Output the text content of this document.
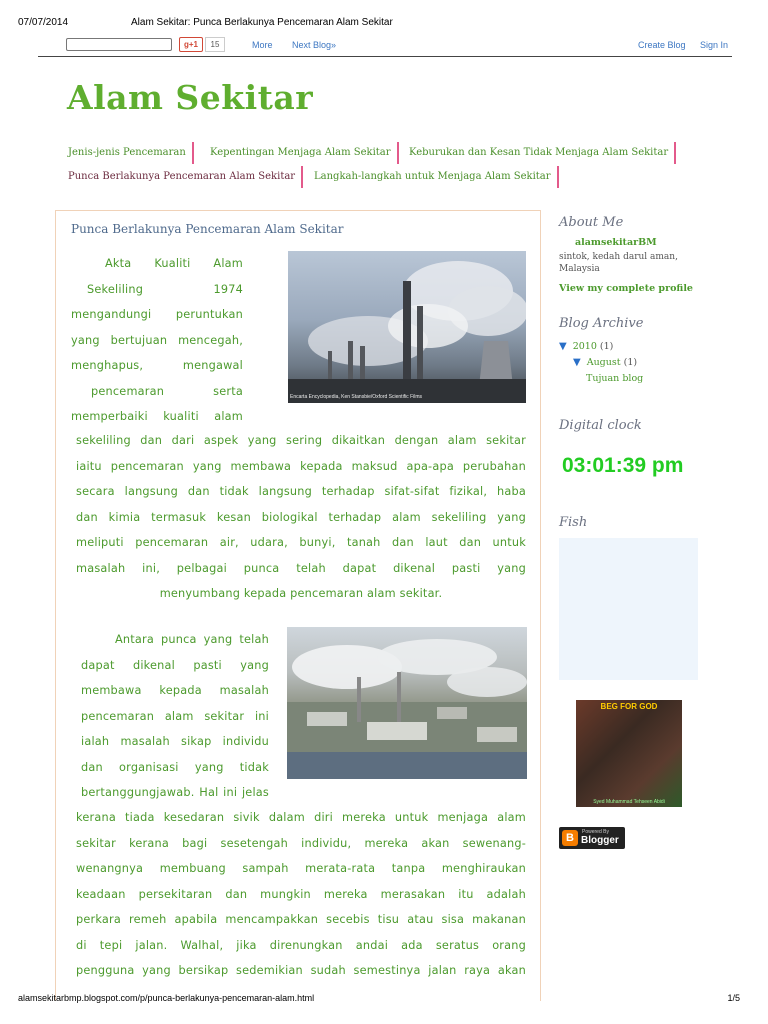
07/07/2014	Alam Sekitar: Punca Berlakunya Pencemaran Alam Sekitar
g+1	15	More Next Blog»	Create Blog Sign In
Alam Sekitar
Jenis-jenis Pencemaran	Kepentingan Menjaga Alam Sekitar	Keburukan dan Kesan Tidak Menjaga Alam Sekitar
Punca Berlakunya Pencemaran Alam Sekitar	Langkah-langkah untuk Menjaga Alam Sekitar
Punca Berlakunya Pencemaran Alam Sekitar
Akta Kualiti Alam
Sekeliling 1974
mengandungi peruntukan
yang bertujuan mencegah,
menghapus, mengawal
pencemaran serta
memperbaiki kualiti alam
Encarta Encyclopedia, Ken Stansbie/Oxford Scientific Films
sekeliling dan dari aspek yang sering dikaitkan dengan alam sekitar
iaitu pencemaran yang membawa kepada maksud apa-apa perubahan
secara langsung dan tidak langsung terhadap sifat-sifat fizikal, haba
dan kimia termasuk kesan biologikal terhadap alam sekeliling yang
meliputi pencemaran air, udara, bunyi, tanah dan laut dan untuk
masalah ini, pelbagai punca telah dapat dikenal pasti yang
menyumbang kepada pencemaran alam sekitar.
Antara punca yang telah
dapat dikenal pasti yang
membawa kepada masalah
pencemaran alam sekitar ini
ialah masalah sikap individu
dan organisasi yang tidak
bertanggungjawab. Hal ini jelas
kerana tiada kesedaran sivik dalam diri mereka untuk menjaga alam
sekitar kerana bagi sesetengah individu, mereka akan sewenang-
wenangnya membuang sampah merata-rata tanpa menghiraukan
keadaan persekitaran dan mungkin mereka merasakan itu adalah
perkara remeh apabila mencampakkan secebis tisu atau sisa makanan
di tepi jalan. Walhal, jika direnungkan andai ada seratus orang
pengguna yang bersikap sedemikian sudah semestinya jalan raya akan
About Me
alamsekitarBM
sintok, kedah darul aman, Malaysia
View my complete profile
Blog Archive
▼ 2010 (1)
▼ August (1)
Tujuan blog
Digital clock
03:01:39 pm
Fish
BEG FOR GOD
Syed Muhammad Tehseen Abidi
B	Powered By
Blogger
alamsekitarbmp.blogspot.com/p/punca-berlakunya-pencemaran-alam.html	1/5
